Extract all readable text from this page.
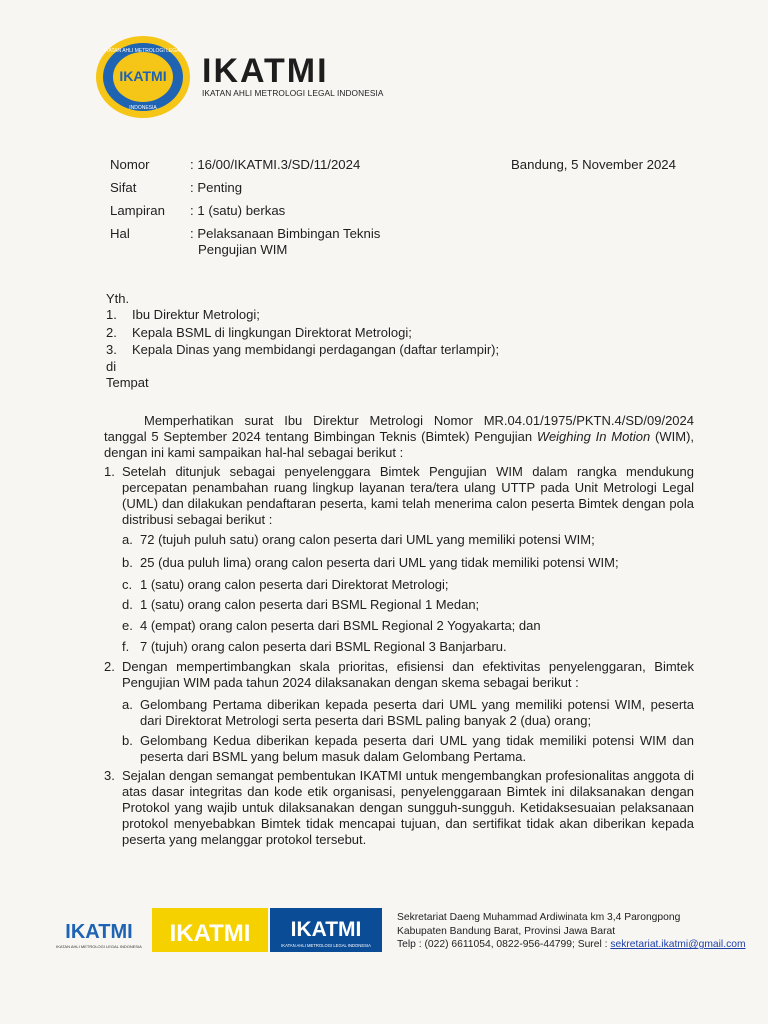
IKATMI
IKATAN AHLI METROLOGI LEGAL
INDONESIA
IKATMI
IKATAN AHLI METROLOGI LEGAL INDONESIA
Nomor	: 16/00/IKATMI.3/SD/11/2024	Bandung, 5 November 2024
Sifat	: Penting
Lampiran	: 1 (satu) berkas
Hal	: Pelaksanaan Bimbingan Teknis
Pengujian WIM
Yth.
1. Ibu Direktur Metrologi;
2. Kepala BSML di lingkungan Direktorat Metrologi;
3. Kepala Dinas yang membidangi perdagangan (daftar terlampir);
di
Tempat
Memperhatikan surat Ibu Direktur Metrologi Nomor MR.04.01/1975/PKTN.4/SD/09/2024 tanggal 5 September 2024 tentang Bimbingan Teknis (Bimtek) Pengujian Weighing In Motion (WIM), dengan ini kami sampaikan hal-hal sebagai berikut :
1. Setelah ditunjuk sebagai penyelenggara Bimtek Pengujian WIM dalam rangka mendukung percepatan penambahan ruang lingkup layanan tera/tera ulang UTTP pada Unit Metrologi Legal (UML) dan dilakukan pendaftaran peserta, kami telah menerima calon peserta Bimtek dengan pola distribusi sebagai berikut :
a. 72 (tujuh puluh satu) orang calon peserta dari UML yang memiliki potensi WIM;
b. 25 (dua puluh lima) orang calon peserta dari UML yang tidak memiliki potensi WIM;
c. 1 (satu) orang calon peserta dari Direktorat Metrologi;
d. 1 (satu) orang calon peserta dari BSML Regional 1 Medan;
e. 4 (empat) orang calon peserta dari BSML Regional 2 Yogyakarta; dan
f. 7 (tujuh) orang calon peserta dari BSML Regional 3 Banjarbaru.
2. Dengan mempertimbangkan skala prioritas, efisiensi dan efektivitas penyelenggaran, Bimtek Pengujian WIM pada tahun 2024 dilaksanakan dengan skema sebagai berikut :
a. Gelombang Pertama diberikan kepada peserta dari UML yang memiliki potensi WIM, peserta dari Direktorat Metrologi serta peserta dari BSML paling banyak 2 (dua) orang;
b. Gelombang Kedua diberikan kepada peserta dari UML yang tidak memiliki potensi WIM dan peserta dari BSML yang belum masuk dalam Gelombang Pertama.
3. Sejalan dengan semangat pembentukan IKATMI untuk mengembangkan profesionalitas anggota di atas dasar integritas dan kode etik organisasi, penyelenggaraan Bimtek ini dilaksanakan dengan Protokol yang wajib untuk dilaksanakan dengan sungguh-sungguh. Ketidaksesuaian pelaksanaan protokol menyebabkan Bimtek tidak mencapai tujuan, dan sertifikat tidak akan diberikan kepada peserta yang melanggar protokol tersebut.
IKATMI
IKATAN AHLI METROLOGI LEGAL INDONESIA IKATMI IKATMI
IKATAN AHLI METROLOGI LEGAL INDONESIA
Sekretariat Daeng Muhammad Ardiwinata km 3,4 Parongpong
Kabupaten Bandung Barat, Provinsi Jawa Barat
Telp : (022) 6611054, 0822-956-44799; Surel : sekretariat.ikatmi@gmail.com
